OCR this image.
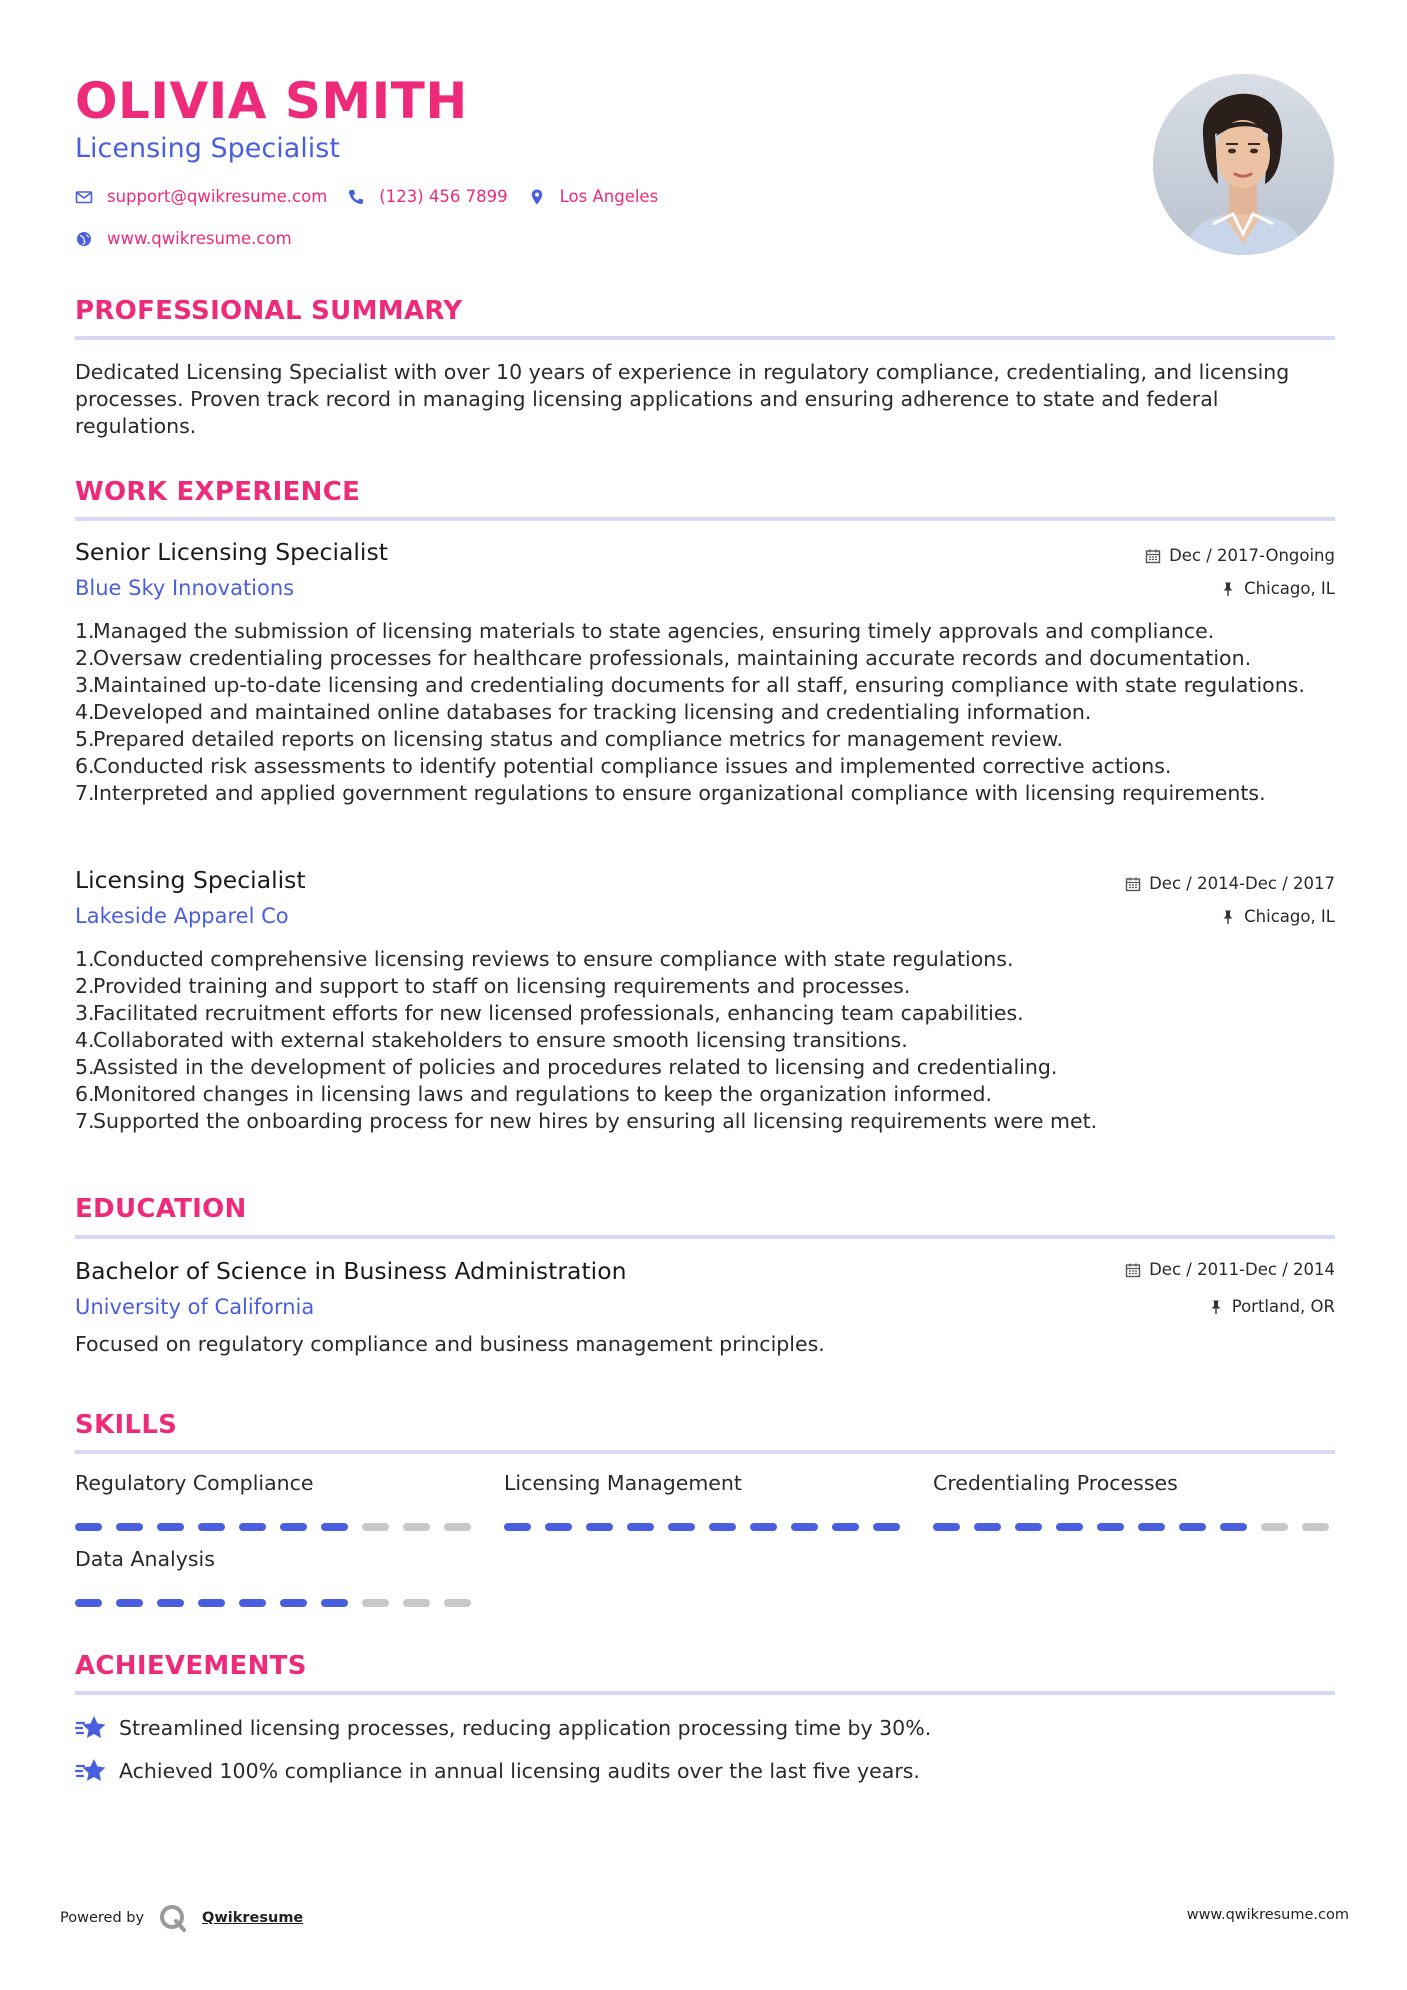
OLIVIA SMITH
Licensing Specialist
support@qwikresume.com	(123) 456 7899	Los Angeles
www.qwikresume.com
PROFESSIONAL SUMMARY
Dedicated Licensing Specialist with over 10 years of experience in regulatory compliance, credentialing, and licensing processes. Proven track record in managing licensing applications and ensuring adherence to state and federal regulations.
WORK EXPERIENCE
Senior Licensing Specialist
Blue Sky Innovations
Dec / 2017-Ongoing
Chicago, IL
1.
Managed the submission of licensing materials to state agencies, ensuring timely approvals and compliance.
2.
Oversaw credentialing processes for healthcare professionals, maintaining accurate records and documentation.
3.
Maintained up-to-date licensing and credentialing documents for all staff, ensuring compliance with state regulations.
4.
Developed and maintained online databases for tracking licensing and credentialing information.
5.
Prepared detailed reports on licensing status and compliance metrics for management review.
6.
Conducted risk assessments to identify potential compliance issues and implemented corrective actions.
7.
Interpreted and applied government regulations to ensure organizational compliance with licensing requirements.
Licensing Specialist
Lakeside Apparel Co
Dec / 2014-Dec / 2017
Chicago, IL
1.
Conducted comprehensive licensing reviews to ensure compliance with state regulations.
2.
Provided training and support to staff on licensing requirements and processes.
3.
Facilitated recruitment efforts for new licensed professionals, enhancing team capabilities.
4.
Collaborated with external stakeholders to ensure smooth licensing transitions.
5.
Assisted in the development of policies and procedures related to licensing and credentialing.
6.
Monitored changes in licensing laws and regulations to keep the organization informed.
7.
Supported the onboarding process for new hires by ensuring all licensing requirements were met.
EDUCATION
Bachelor of Science in Business Administration
University of California
Dec / 2011-Dec / 2014
Portland, OR
Focused on regulatory compliance and business management principles.
SKILLS
Regulatory Compliance	Licensing Management	Credentialing Processes
Data Analysis
ACHIEVEMENTS
Streamlined licensing processes, reducing application processing time by 30%.
Achieved 100% compliance in annual licensing audits over the last five years.
Powered by	Qwikresume	www.qwikresume.com
